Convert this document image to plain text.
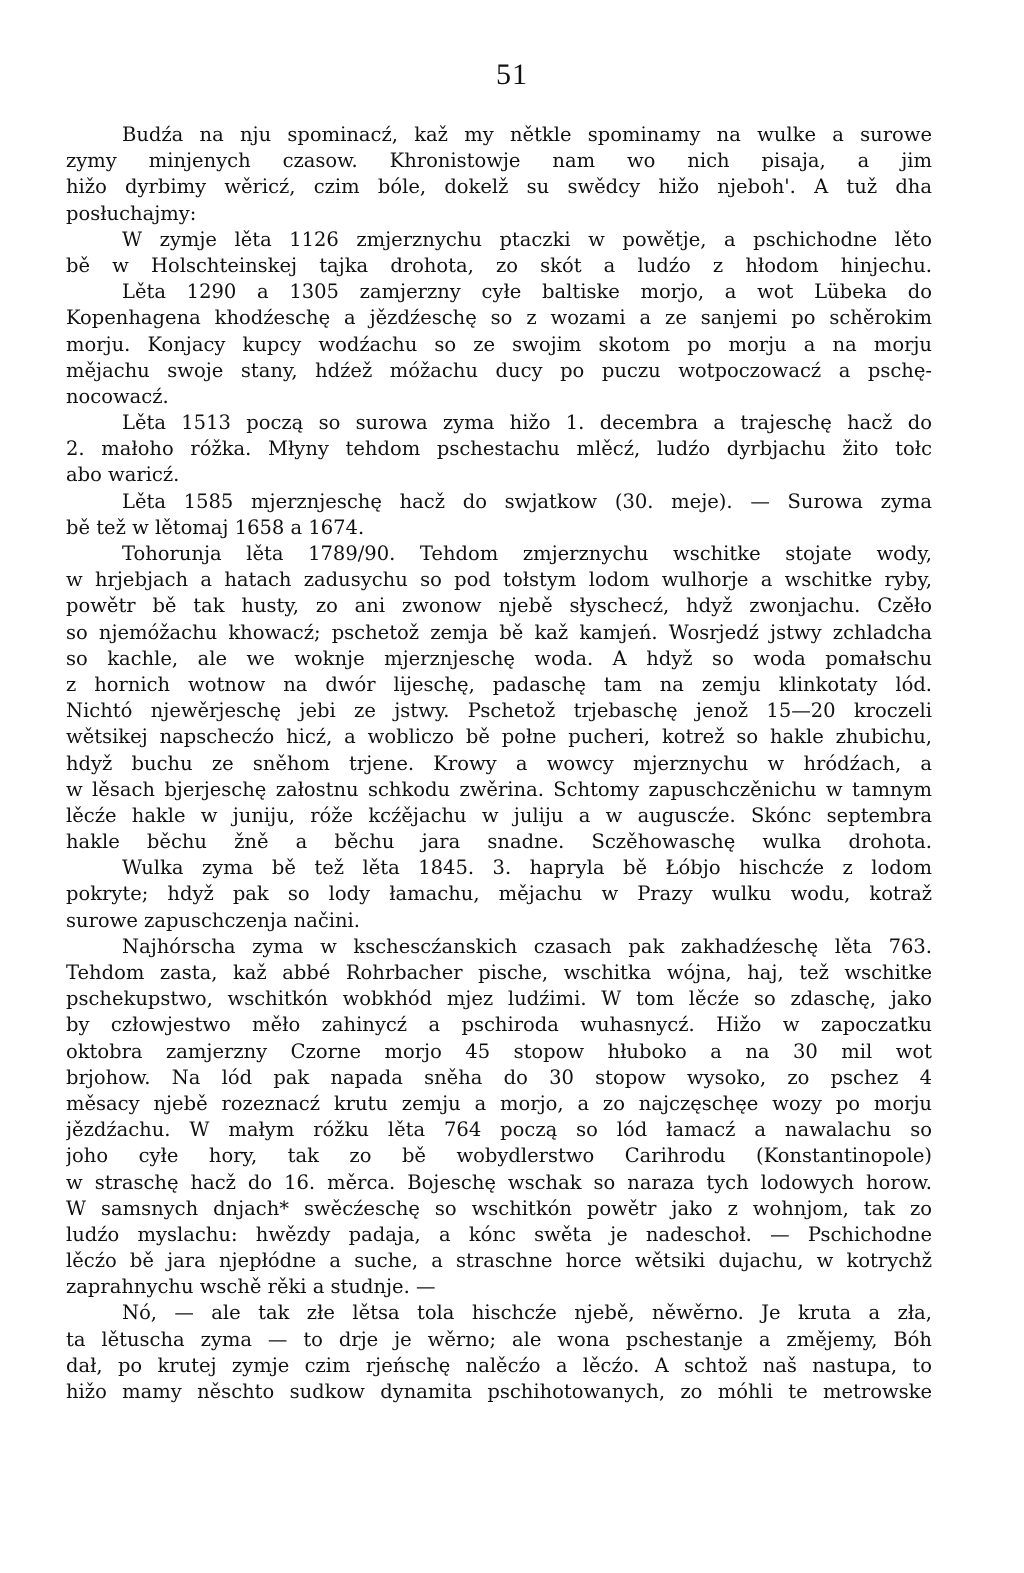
51
Budźa na nju spominacź, kaž my nětkle spominamy na wulke a surowe
zymy minjenych czasow. Khronistowje nam wo nich pisaja, a jim
hižo dyrbimy wěricź, czim bóle, dokelž su swědcy hižo njeboh'. A tuž dha
posłuchajmy:
W zymje lěta 1126 zmjerznychu ptaczki w powětje, a pschichodne lěto
bě w Holschteinskej tajka drohota, zo skót a ludźo z hłodom hinjechu.
Lěta 1290 a 1305 zamjerzny cyłe baltiske morjo, a wot Lübeka do
Kopenhagena khodźeschę a jězdźeschę so z wozami a ze sanjemi po schěrokim
morju. Konjacy kupcy wodźachu so ze swojim skotom po morju a na morju
mějachu swoje stany, hdźež móžachu ducy po puczu wotpoczowacź a pschę-
nocowacź.
Lěta 1513 począ so surowa zyma hižo 1. decembra a trajeschę hacž do
2. małoho róžka. Młyny tehdom pschestachu mlěcź, ludźo dyrbjachu žito tołc
abo waricź.
Lěta 1585 mjerznjeschę hacž do swjatkow (30. meje). — Surowa zyma
bě tež w lětomaj 1658 a 1674.
Tohorunja lěta 1789/90. Tehdom zmjerznychu wschitke stojate wody,
w hrjebjach a hatach zadusychu so pod tołstym lodom wulhorje a wschitke ryby,
powětr bě tak husty, zo ani zwonow njebě słyschecź, hdyž zwonjachu. Czěło
so njemóžachu khowacź; pschetož zemja bě kaž kamjeń. Wosrjedź jstwy zchladcha
so kachle, ale we woknje mjerznjeschę woda. A hdyž so woda pomałschu
z hornich wotnow na dwór lijeschę, padaschę tam na zemju klinkotaty lód.
Nichtó njewěrjeschę jebi ze jstwy. Pschetož trjebaschę jenož 15—20 kroczeli
wětsikej napschecźo hicź, a wobliczo bě połne pucheri, kotrež so hakle zhubichu,
hdyž buchu ze sněhom trjene. Krowy a wowcy mjerznychu w hródźach, a
w lěsach bjerjeschę załostnu schkodu zwěrina. Schtomy zapuschczěnichu w tamnym
lěcźe hakle w juniju, róže kcźějachu w juliju a w auguscźe. Skónc septembra
hakle běchu žně a běchu jara snadne. Sczěhowaschę wulka drohota.
Wulka zyma bě tež lěta 1845. 3. hapryla bě Łóbjo hischcźe z lodom
pokryte; hdyž pak so lody łamachu, mějachu w Prazy wulku wodu, kotraž
surowe zapuschczenja načini.
Najhórscha zyma w kschescźanskich czasach pak zakhadźeschę lěta 763.
Tehdom zasta, kaž abbé Rohrbacher pische, wschitka wójna, haj, tež wschitke
pschekupstwo, wschitkón wobkhód mjez ludźimi. W tom lěcźe so zdaschę, jako
by człowjestwo měło zahinycź a pschiroda wuhasnycź. Hižo w zapoczatku
oktobra zamjerzny Czorne morjo 45 stopow hłuboko a na 30 mil wot
brjohow. Na lód pak napada sněha do 30 stopow wysoko, zo pschez 4
měsacy njebě rozeznacź krutu zemju a morjo, a zo najczęschęe wozy po morju
jězdźachu. W małym róžku lěta 764 począ so lód łamacź a nawalachu so
joho cyłe hory, tak zo bě wobydlerstwo Carihrodu (Konstantinopole)
w straschę hacž do 16. měrca. Bojeschę wschak so naraza tych lodowych horow.
W samsnych dnjach* swěcźeschę so wschitkón powětr jako z wohnjom, tak zo
ludźo myslachu: hwězdy padaja, a kónc swěta je nadeschoł. — Pschichodne
lěcźo bě jara njepłódne a suche, a straschne horce wětsiki dujachu, w kotrychž
zaprahnychu wschě rěki a studnje. —
Nó, — ale tak złe lětsa tola hischcźe njebě, něwěrno. Je kruta a zła,
ta lětuscha zyma — to drje je wěrno; ale wona pschestanje a změjemy, Bóh
dał, po krutej zymje czim rjeńschę nalěcźo a lěcźo. A schtož naš nastupa, to
hižo mamy něschto sudkow dynamita pschihotowanych, zo móhli te metrowske
